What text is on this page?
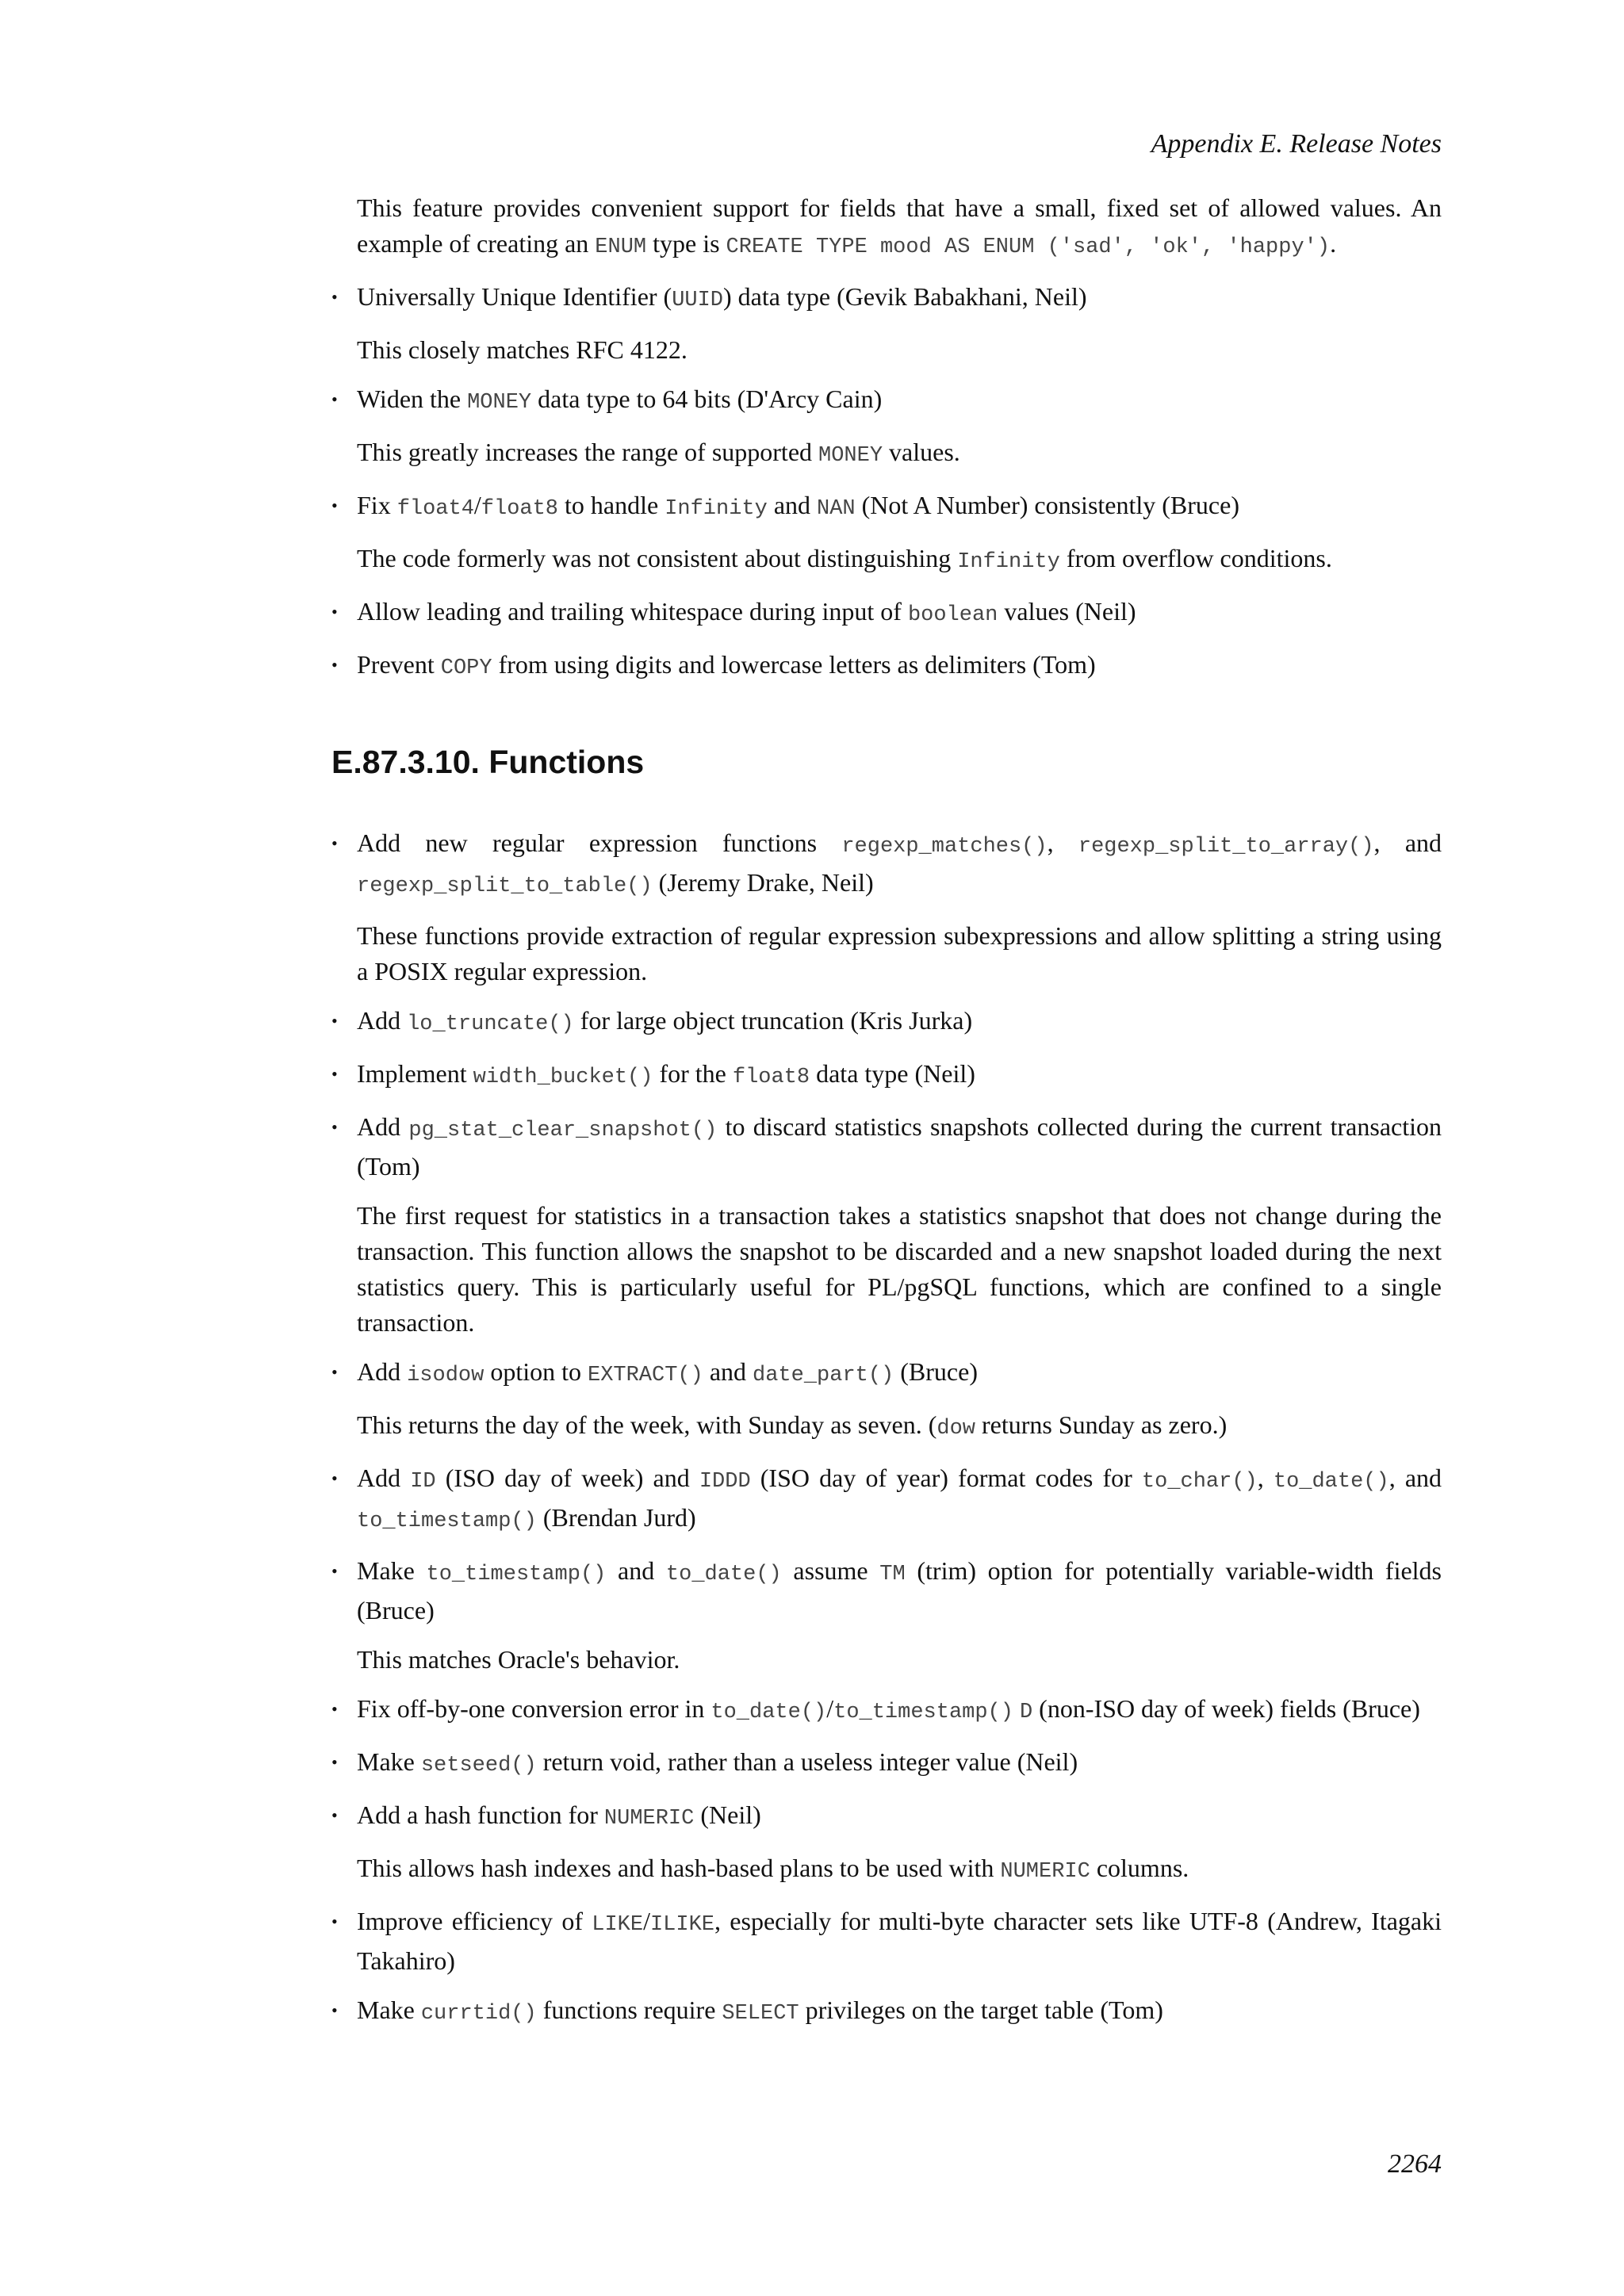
Appendix E. Release Notes

This feature provides convenient support for fields that have a small, fixed set of allowed values. An example of creating an ENUM type is CREATE TYPE mood AS ENUM ('sad', 'ok', 'happy').

• Universally Unique Identifier (UUID) data type (Gevik Babakhani, Neil)

This closely matches RFC 4122.

• Widen the MONEY data type to 64 bits (D'Arcy Cain)

This greatly increases the range of supported MONEY values.

• Fix float4/float8 to handle Infinity and NAN (Not A Number) consistently (Bruce)

The code formerly was not consistent about distinguishing Infinity from overflow conditions.

• Allow leading and trailing whitespace during input of boolean values (Neil)

• Prevent COPY from using digits and lowercase letters as delimiters (Tom)

E.87.3.10. Functions
• Add new regular expression functions regexp_matches(), regexp_split_to_array(), and regexp_split_to_table() (Jeremy Drake, Neil)

These functions provide extraction of regular expression subexpressions and allow splitting a string using a POSIX regular expression.

• Add lo_truncate() for large object truncation (Kris Jurka)

• Implement width_bucket() for the float8 data type (Neil)

• Add pg_stat_clear_snapshot() to discard statistics snapshots collected during the current transaction (Tom)

The first request for statistics in a transaction takes a statistics snapshot that does not change during the transaction. This function allows the snapshot to be discarded and a new snapshot loaded during the next statistics query. This is particularly useful for PL/pgSQL functions, which are confined to a single transaction.

• Add isodow option to EXTRACT() and date_part() (Bruce)

This returns the day of the week, with Sunday as seven. (dow returns Sunday as zero.)

• Add ID (ISO day of week) and IDDD (ISO day of year) format codes for to_char(), to_date(), and to_timestamp() (Brendan Jurd)

• Make to_timestamp() and to_date() assume TM (trim) option for potentially variable-width fields (Bruce)

This matches Oracle's behavior.

• Fix off-by-one conversion error in to_date()/to_timestamp() D (non-ISO day of week) fields (Bruce)

• Make setseed() return void, rather than a useless integer value (Neil)

• Add a hash function for NUMERIC (Neil)

This allows hash indexes and hash-based plans to be used with NUMERIC columns.

• Improve efficiency of LIKE/ILIKE, especially for multi-byte character sets like UTF-8 (Andrew, Itagaki Takahiro)

• Make currtid() functions require SELECT privileges on the target table (Tom)

2264
